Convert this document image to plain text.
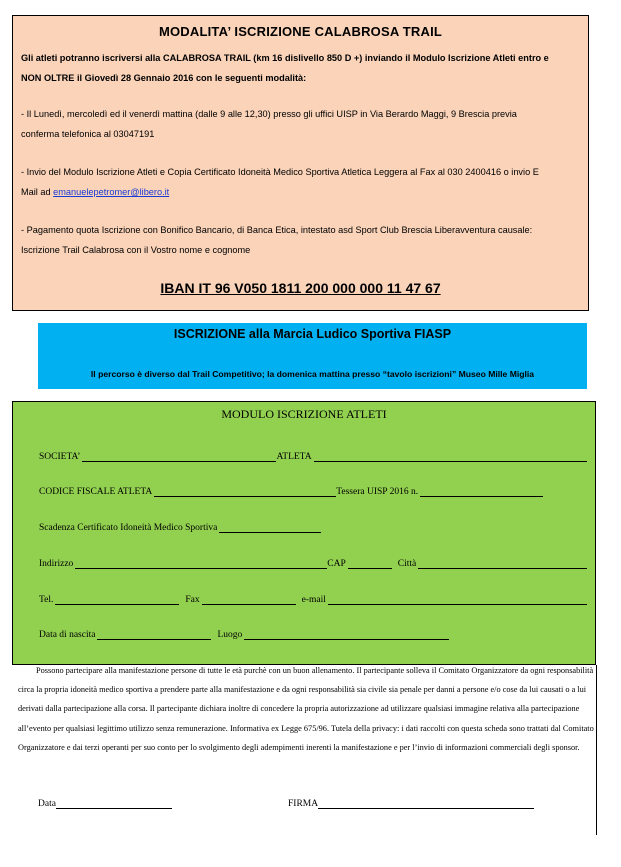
MODALITA’ ISCRIZIONE CALABROSA TRAIL
Gli atleti potranno iscriversi alla CALABROSA TRAIL (km 16 dislivello 850 D +) inviando il Modulo Iscrizione Atleti entro e
NON OLTRE il Giovedì 28 Gennaio 2016 con le seguenti modalità:
- Il Lunedì, mercoledì ed il venerdì mattina (dalle 9 alle 12,30) presso gli uffici UISP in Via Berardo Maggi, 9 Brescia previa
conferma telefonica al 03047191
- Invio del Modulo Iscrizione Atleti e Copia Certificato Idoneità Medico Sportiva Atletica Leggera al Fax al 030 2400416 o invio E
Mail ad emanuelepetromer@libero.it
- Pagamento quota Iscrizione con Bonifico Bancario, di Banca Etica, intestato asd Sport Club Brescia Liberavventura causale:
Iscrizione Trail Calabrosa con il Vostro nome e cognome
IBAN IT 96 V050 1811 200 000 000 11 47 67
ISCRIZIONE alla Marcia Ludico Sportiva FIASP
Il percorso è diverso dal Trail Competitivo; la domenica mattina presso “tavolo iscrizioni” Museo Mille Miglia
MODULO ISCRIZIONE ATLETI
SOCIETA’	ATLETA
CODICE FISCALE ATLETA	Tessera UISP 2016 n.
Scadenza Certificato Idoneità Medico Sportiva
Indirizzo	CAP	Città
Tel.	Fax	e-mail
Data di nascita	Luogo
Possono partecipare alla manifestazione persone di tutte le età purchè con un buon allenamento. Il partecipante solleva il Comitato Organizzatore da ogni responsabilità circa la propria idoneità medico sportiva a prendere parte alla manifestazione e da ogni responsabilità sia civile sia penale per danni a persone e/o cose da lui causati o a lui derivati dalla partecipazione alla corsa. Il partecipante dichiara inoltre di concedere la propria autorizzazione ad utilizzare qualsiasi immagine relativa alla partecipazione all’evento per qualsiasi legittimo utilizzo senza remunerazione. Informativa ex Legge 675/96. Tutela della privacy: i dati raccolti con questa scheda sono trattati dal Comitato Organizzatore e dai terzi operanti per suo conto per lo svolgimento degli adempimenti inerenti la manifestazione e per l’invio di informazioni commerciali degli sponsor.
Data	FIRMA
